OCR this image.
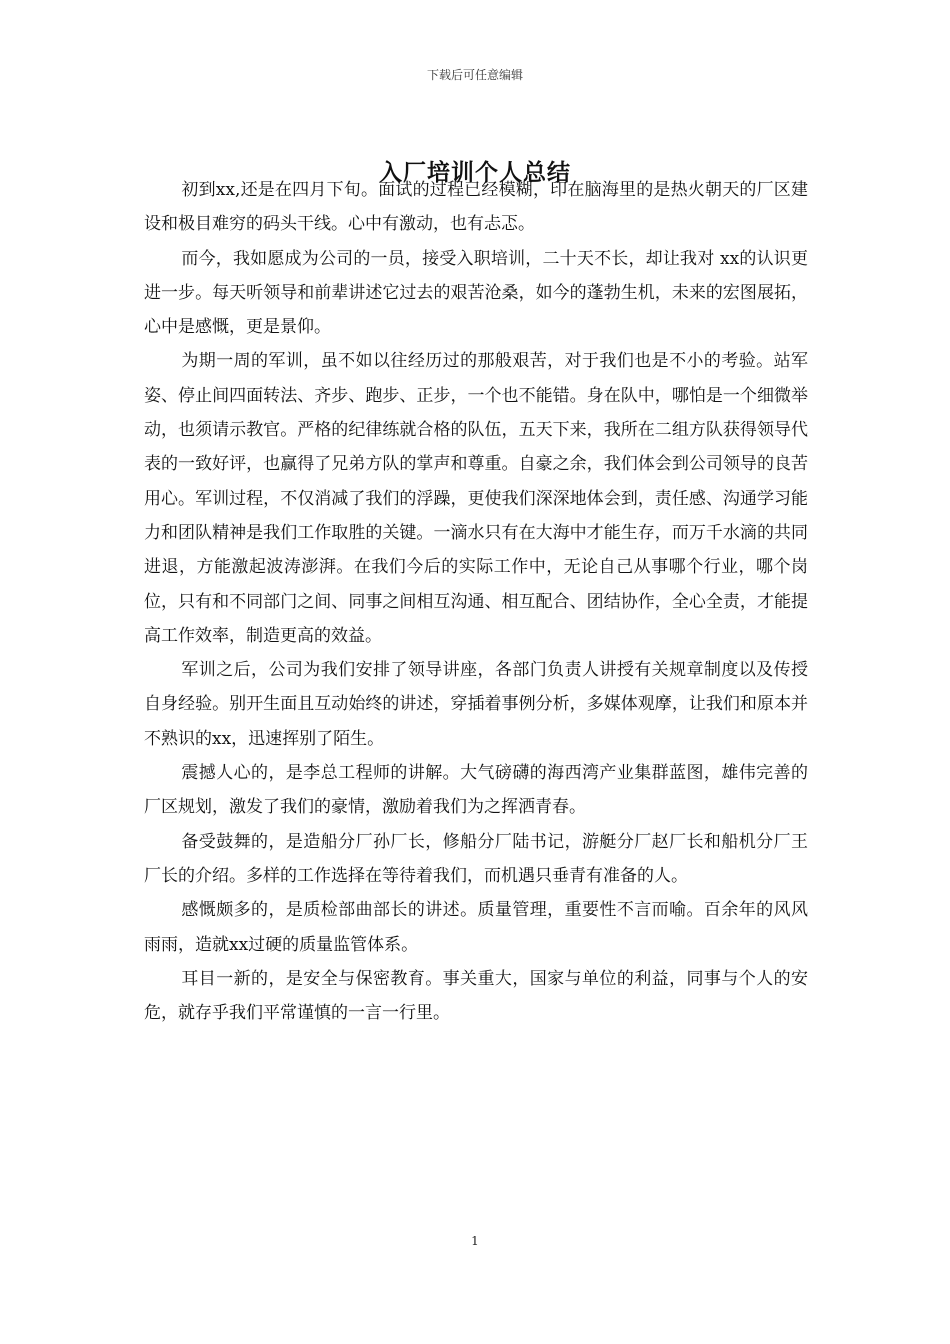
下载后可任意编辑
入厂培训个人总结

初到xx,还是在四月下旬。面试的过程已经模糊，印在脑海里的是热火朝天的厂区建设和极目难穷的码头干线。心中有激动，也有忐忑。

而今，我如愿成为公司的一员，接受入职培训，二十天不长，却让我对 xx的认识更进一步。每天听领导和前辈讲述它过去的艰苦沧桑，如今的蓬勃生机，未来的宏图展拓，心中是感慨，更是景仰。

为期一周的军训，虽不如以往经历过的那般艰苦，对于我们也是不小的考验。站军姿、停止间四面转法、齐步、跑步、正步，一个也不能错。身在队中，哪怕是一个细微举动，也须请示教官。严格的纪律练就合格的队伍，五天下来，我所在二组方队获得领导代表的一致好评，也赢得了兄弟方队的掌声和尊重。自豪之余，我们体会到公司领导的良苦用心。军训过程，不仅消减了我们的浮躁，更使我们深深地体会到，责任感、沟通学习能力和团队精神是我们工作取胜的关键。一滴水只有在大海中才能生存，而万千水滴的共同进退，方能激起波涛澎湃。在我们今后的实际工作中，无论自己从事哪个行业，哪个岗位，只有和不同部门之间、同事之间相互沟通、相互配合、团结协作，全心全责，才能提高工作效率，制造更高的效益。

军训之后，公司为我们安排了领导讲座，各部门负责人讲授有关规章制度以及传授自身经验。别开生面且互动始终的讲述，穿插着事例分析，多媒体观摩，让我们和原本并不熟识的xx，迅速挥别了陌生。

震撼人心的，是李总工程师的讲解。大气磅礴的海西湾产业集群蓝图，雄伟完善的厂区规划，激发了我们的豪情，激励着我们为之挥洒青春。

备受鼓舞的，是造船分厂孙厂长，修船分厂陆书记，游艇分厂赵厂长和船机分厂王厂长的介绍。多样的工作选择在等待着我们，而机遇只垂青有准备的人。

感慨颇多的，是质检部曲部长的讲述。质量管理，重要性不言而喻。百余年的风风雨雨，造就xx过硬的质量监管体系。

耳目一新的，是安全与保密教育。事关重大，国家与单位的利益，同事与个人的安危，就存乎我们平常谨慎的一言一行里。

1
